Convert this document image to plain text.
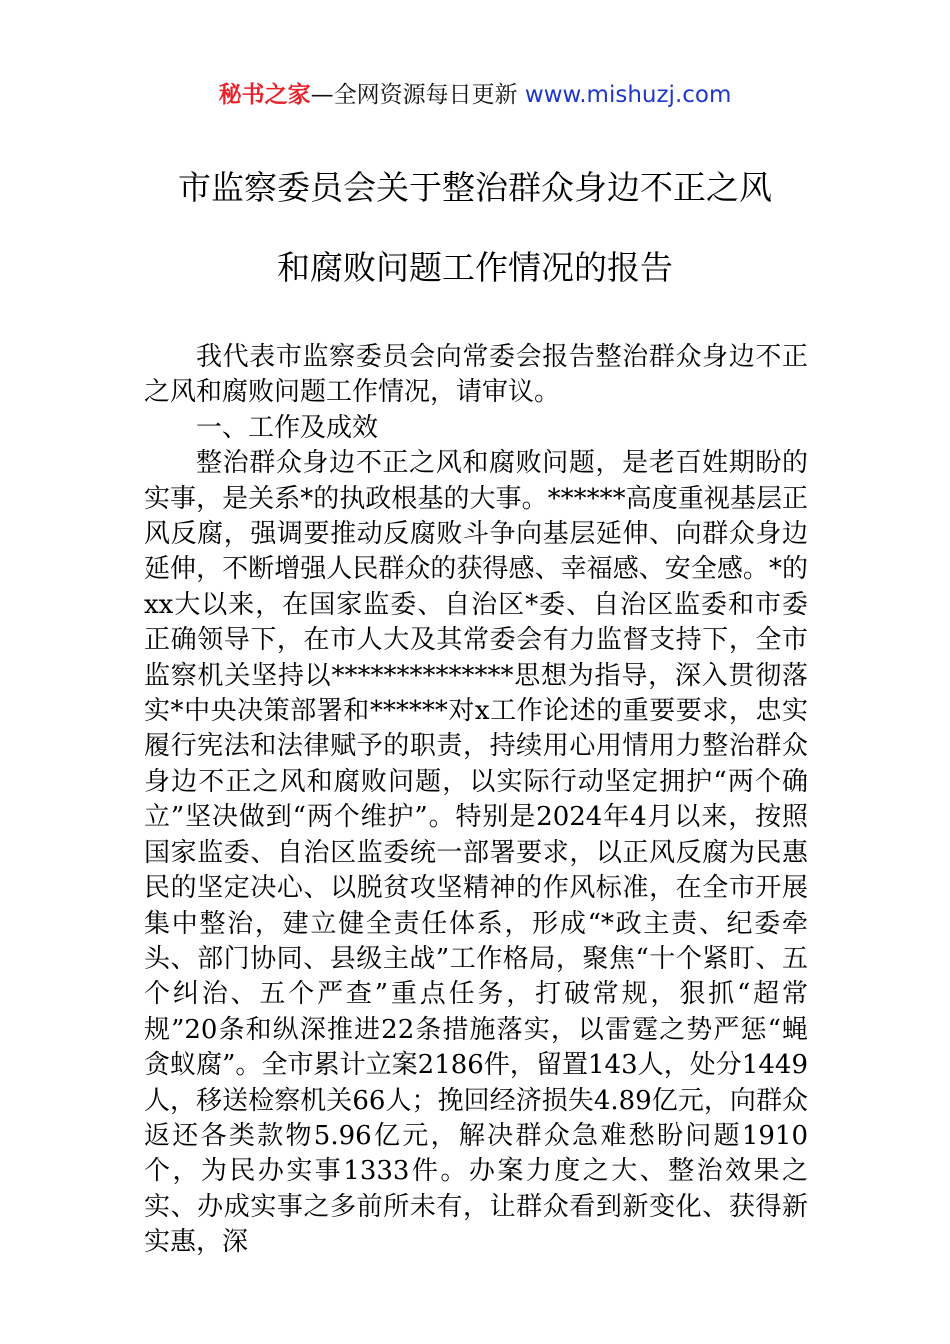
秘书之家—全网资源每日更新 www.mishuzj.com
市监察委员会关于整治群众身边不正之风
和腐败问题工作情况的报告

我代表市监察委员会向常委会报告整治群众身边不正之风和腐败问题工作情况，请审议。

一、工作及成效

整治群众身边不正之风和腐败问题，是老百姓期盼的实事，是关系*的执政根基的大事。******高度重视基层正风反腐，强调要推动反腐败斗争向基层延伸、向群众身边延伸，不断增强人民群众的获得感、幸福感、安全感。*的xx大以来，在国家监委、自治区*委、自治区监委和市委正确领导下，在市人大及其常委会有力监督支持下，全市监察机关坚持以**************思想为指导，深入贯彻落实*中央决策部署和******对x工作论述的重要要求，忠实履行宪法和法律赋予的职责，持续用心用情用力整治群众身边不正之风和腐败问题，以实际行动坚定拥护“两个确立”坚决做到“两个维护”。特别是2024年4月以来，按照国家监委、自治区监委统一部署要求，以正风反腐为民惠民的坚定决心、以脱贫攻坚精神的作风标准，在全市开展集中整治，建立健全责任体系，形成“*政主责、纪委牵头、部门协同、县级主战”工作格局，聚焦“十个紧盯、五个纠治、五个严查”重点任务，打破常规，狠抓“超常规”20条和纵深推进22条措施落实，以雷霆之势严惩“蝇贪蚁腐”。全市累计立案2186件，留置143人，处分1449人，移送检察机关66人；挽回经济损失4.89亿元，向群众返还各类款物5.96亿元，解决群众急难愁盼问题1910个，为民办实事1333件。办案力度之大、整治效果之实、办成实事之多前所未有，让群众看到新变化、获得新实惠，深
